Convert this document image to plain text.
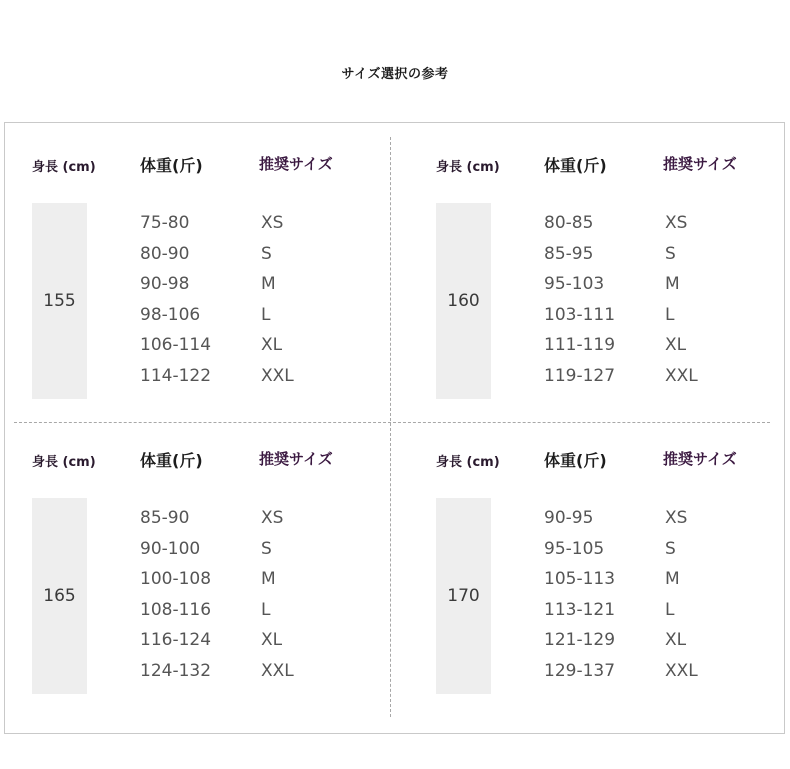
サイズ選択の参考
身長 (cm)	体重(斤)	推奨サイズ
155
75-80	XS
80-90	S
90-98	M
98-106	L
106-114	XL
114-122	XXL
身長 (cm)	体重(斤)	推奨サイズ
160
80-85	XS
85-95	S
95-103	M
103-111	L
111-119	XL
119-127	XXL
身長 (cm)	体重(斤)	推奨サイズ
165
85-90	XS
90-100	S
100-108	M
108-116	L
116-124	XL
124-132	XXL
身長 (cm)	体重(斤)	推奨サイズ
170
90-95	XS
95-105	S
105-113	M
113-121	L
121-129	XL
129-137	XXL
